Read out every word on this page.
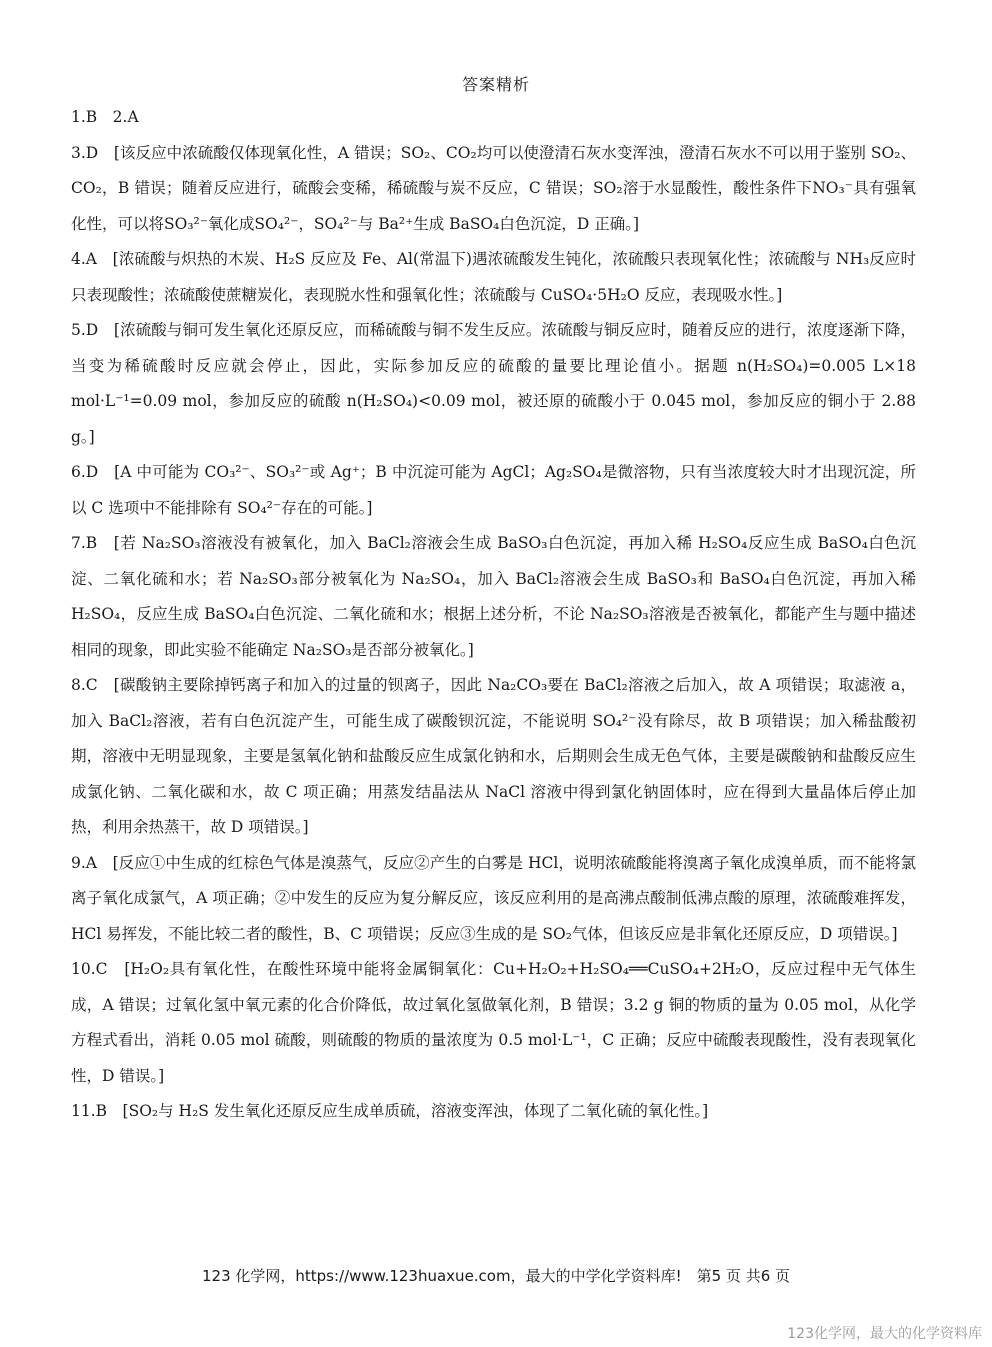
答案精析

1.B　2.A

3.D　[该反应中浓硫酸仅体现氧化性，A 错误；SO₂、CO₂均可以使澄清石灰水变浑浊，澄清石灰水不可以用于鉴别 SO₂、CO₂，B 错误；随着反应进行，硫酸会变稀，稀硫酸与炭不反应，C 错误；SO₂溶于水显酸性，酸性条件下NO₃⁻具有强氧化性，可以将SO₃²⁻氧化成SO₄²⁻，SO₄²⁻与 Ba²⁺生成 BaSO₄白色沉淀，D 正确。]

4.A　[浓硫酸与炽热的木炭、H₂S 反应及 Fe、Al(常温下)遇浓硫酸发生钝化，浓硫酸只表现氧化性；浓硫酸与 NH₃反应时只表现酸性；浓硫酸使蔗糖炭化，表现脱水性和强氧化性；浓硫酸与 CuSO₄·5H₂O 反应，表现吸水性。]

5.D　[浓硫酸与铜可发生氧化还原反应，而稀硫酸与铜不发生反应。浓硫酸与铜反应时，随着反应的进行，浓度逐渐下降，当变为稀硫酸时反应就会停止，因此，实际参加反应的硫酸的量要比理论值小。据题 n(H₂SO₄)=0.005 L×18 mol·L⁻¹=0.09 mol，参加反应的硫酸 n(H₂SO₄)<0.09 mol，被还原的硫酸小于 0.045 mol，参加反应的铜小于 2.88 g。]

6.D　[A 中可能为 CO₃²⁻、SO₃²⁻或 Ag⁺；B 中沉淀可能为 AgCl；Ag₂SO₄是微溶物，只有当浓度较大时才出现沉淀，所以 C 选项中不能排除有 SO₄²⁻存在的可能。]

7.B　[若 Na₂SO₃溶液没有被氧化，加入 BaCl₂溶液会生成 BaSO₃白色沉淀，再加入稀 H₂SO₄反应生成 BaSO₄白色沉淀、二氧化硫和水；若 Na₂SO₃部分被氧化为 Na₂SO₄，加入 BaCl₂溶液会生成 BaSO₃和 BaSO₄白色沉淀，再加入稀 H₂SO₄，反应生成 BaSO₄白色沉淀、二氧化硫和水；根据上述分析，不论 Na₂SO₃溶液是否被氧化，都能产生与题中描述相同的现象，即此实验不能确定 Na₂SO₃是否部分被氧化。]

8.C　[碳酸钠主要除掉钙离子和加入的过量的钡离子，因此 Na₂CO₃要在 BaCl₂溶液之后加入，故 A 项错误；取滤液 a，加入 BaCl₂溶液，若有白色沉淀产生，可能生成了碳酸钡沉淀，不能说明 SO₄²⁻没有除尽，故 B 项错误；加入稀盐酸初期，溶液中无明显现象，主要是氢氧化钠和盐酸反应生成氯化钠和水，后期则会生成无色气体，主要是碳酸钠和盐酸反应生成氯化钠、二氧化碳和水，故 C 项正确；用蒸发结晶法从 NaCl 溶液中得到氯化钠固体时，应在得到大量晶体后停止加热，利用余热蒸干，故 D 项错误。]

9.A　[反应①中生成的红棕色气体是溴蒸气，反应②产生的白雾是 HCl，说明浓硫酸能将溴离子氧化成溴单质，而不能将氯离子氧化成氯气，A 项正确；②中发生的反应为复分解反应，该反应利用的是高沸点酸制低沸点酸的原理，浓硫酸难挥发，HCl 易挥发，不能比较二者的酸性，B、C 项错误；反应③生成的是 SO₂气体，但该反应是非氧化还原反应，D 项错误。]

10.C　[H₂O₂具有氧化性，在酸性环境中能将金属铜氧化：Cu+H₂O₂+H₂SO₄══CuSO₄+2H₂O，反应过程中无气体生成，A 错误；过氧化氢中氧元素的化合价降低，故过氧化氢做氧化剂，B 错误；3.2 g 铜的物质的量为 0.05 mol，从化学方程式看出，消耗 0.05 mol 硫酸，则硫酸的物质的量浓度为 0.5 mol·L⁻¹，C 正确；反应中硫酸表现酸性，没有表现氧化性，D 错误。]

11.B　[SO₂与 H₂S 发生氧化还原反应生成单质硫，溶液变浑浊，体现了二氧化硫的氧化性。]

123 化学网，https://www.123huaxue.com，最大的中学化学资料库!　第5 页 共6 页
123化学网，最大的化学资料库
